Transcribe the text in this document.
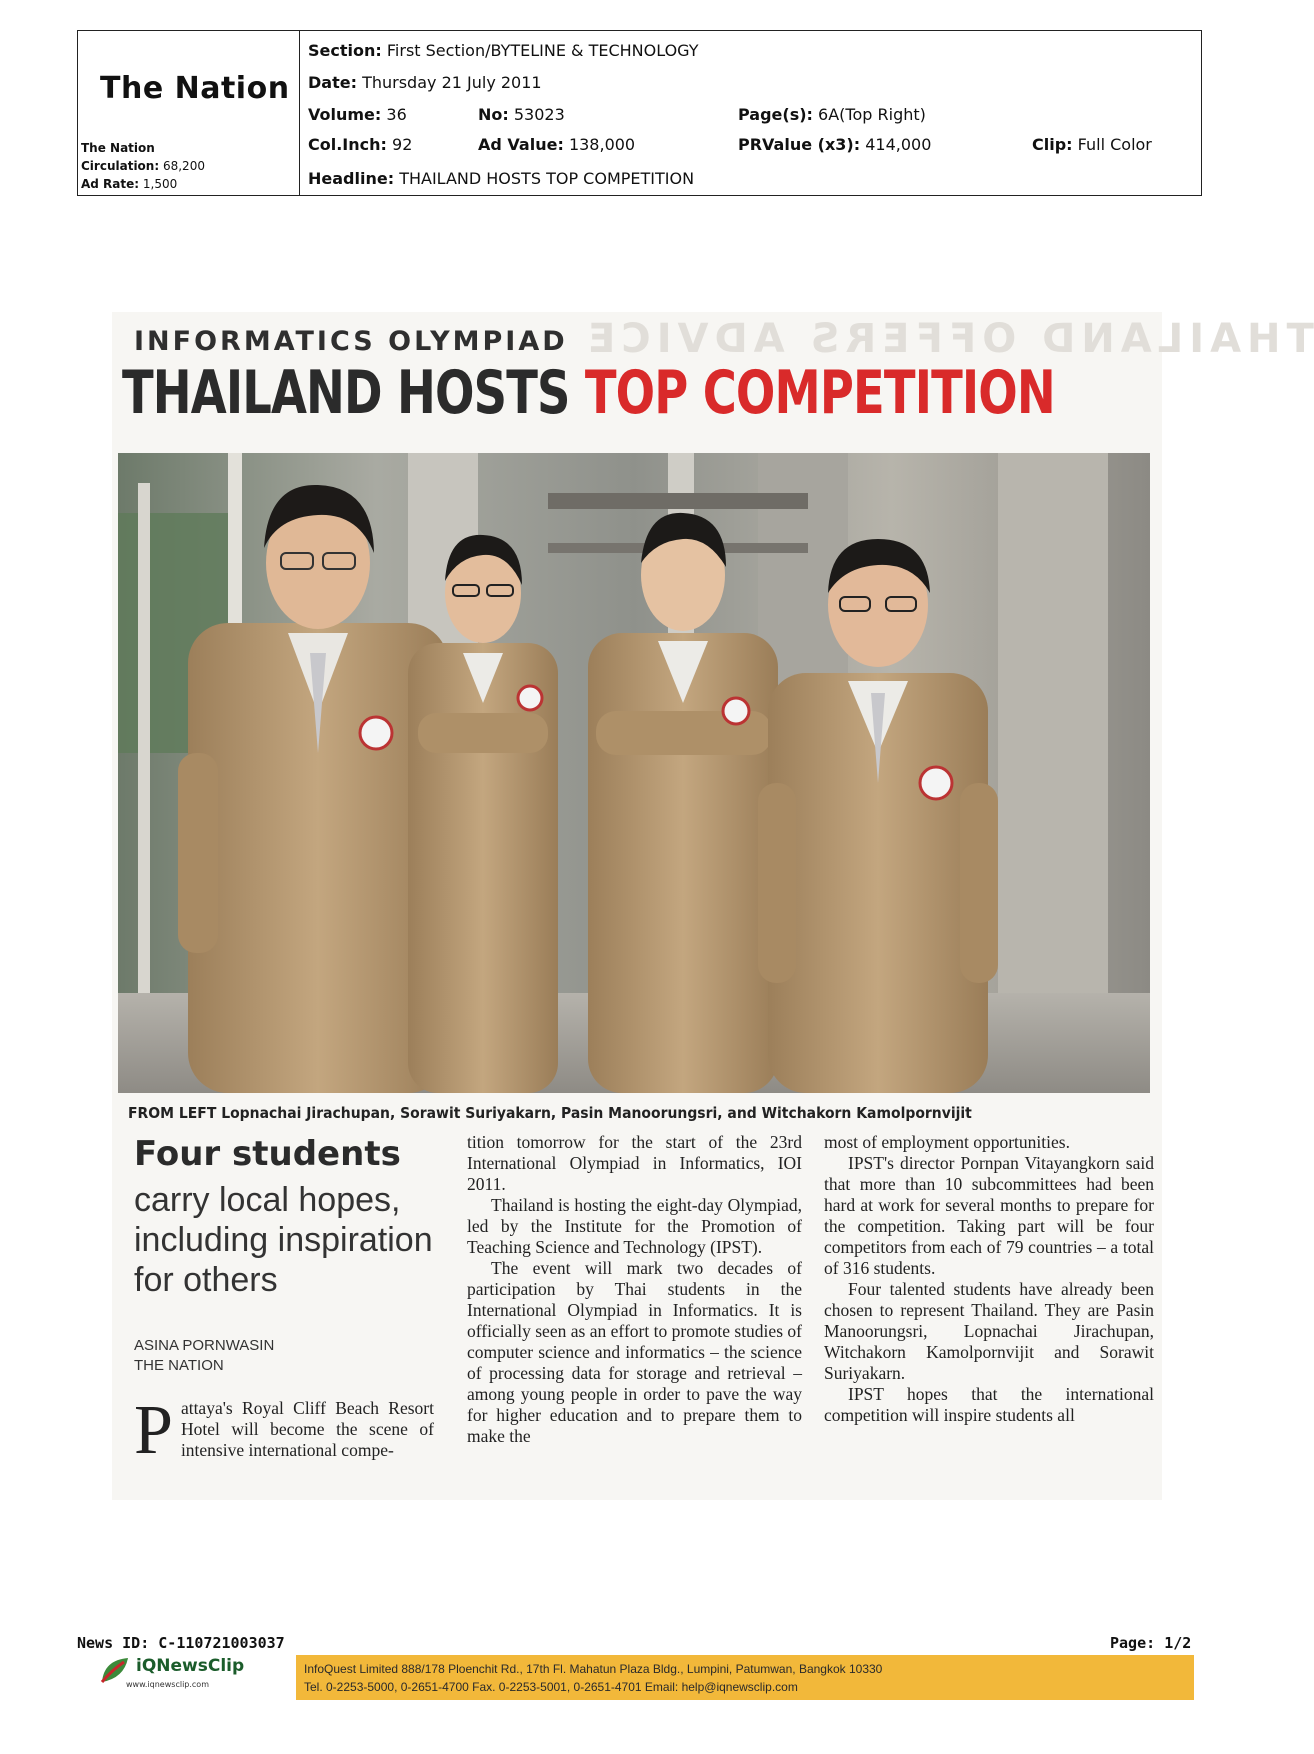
The Nation
The Nation
Circulation: 68,200
Ad Rate: 1,500
Section: First Section/BYTELINE & TECHNOLOGY
Date: Thursday 21 July 2011
Volume: 36	No: 53023	Page(s): 6A(Top Right)
Col.Inch: 92	Ad Value: 138,000	PRValue (x3): 414,000	Clip: Full Color
Headline: THAILAND HOSTS TOP COMPETITION
THAILAND OFFERS ADVICE
INFORMATICS OLYMPIAD
THAILAND HOSTS TOP COMPETITION
FROM LEFT Lopnachai Jirachupan, Sorawit Suriyakarn, Pasin Manoorungsri, and Witchakorn Kamolpornvijit
Four students
carry local hopes, including inspiration for others
ASINA PORNWASIN
THE NATION
P attaya's Royal Cliff Beach Resort Hotel will become the scene of intensive international compe-

tition tomorrow for the start of the 23rd International Olympiad in Informatics, IOI 2011.

Thailand is hosting the eight-day Olympiad, led by the Institute for the Promotion of Teaching Science and Technology (IPST).

The event will mark two decades of participation by Thai students in the International Olympiad in Informatics. It is officially seen as an effort to promote studies of computer science and informatics – the science of processing data for storage and retrieval –among young people in order to pave the way for higher education and to prepare them to make the

most of employment opportunities.

IPST's director Pornpan Vitayangkorn said that more than 10 subcommittees had been hard at work for several months to prepare for the competition. Taking part will be four competitors from each of 79 countries – a total of 316 students.

Four talented students have already been chosen to represent Thailand. They are Pasin Manoorungsri, Lopnachai Jirachupan, Witchakorn Kamolpornvijit and Sorawit Suriyakarn.

IPST hopes that the international competition will inspire students all

News ID: C-110721003037	Page: 1/2
iQNewsClip
www.iqnewsclip.com
InfoQuest Limited 888/178 Ploenchit Rd., 17th Fl. Mahatun Plaza Bldg., Lumpini, Patumwan, Bangkok 10330
Tel. 0-2253-5000, 0-2651-4700 Fax. 0-2253-5001, 0-2651-4701 Email: help@iqnewsclip.com
